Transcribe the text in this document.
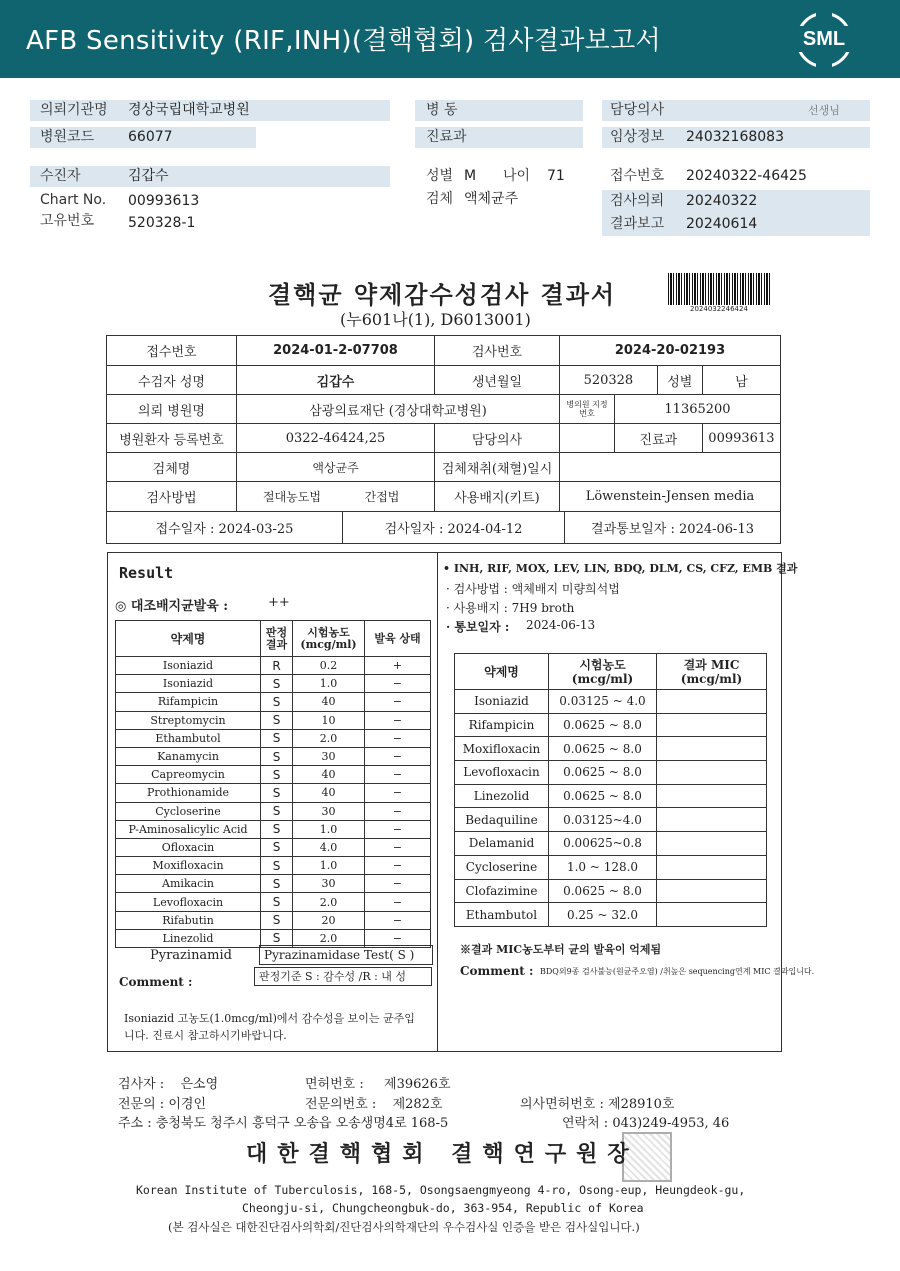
AFB Sensitivity (RIF,INH)(결핵협회) 검사결과보고서	SML
의뢰기관명 경상국립대학교병원
병원코드 66077
병 동
진료과
담당의사	선생님
임상정보 24032168083
수진자	김갑수
Chart No. 00993613
고유번호 520328-1
성별 M 나이 71
검체 액체균주
접수번호 20240322-46425
검사의뢰 20240322
결과보고 20240614
결핵균 약제감수성검사 결과서
(누601나(1), D6013001)
2024032246424
접수번호	2024-01-2-07708	검사번호	2024-20-02193			
수검자 성명	김갑수	생년월일	520328		성별	남
의뢰 병원명	삼광의료재단 (경상대학교병원)		병의원 지정번호	11365200		
병원환자 등록번호	0322-46424,25	담당의사		진료과		00993613
검체명	액상균주	검체채취(채혈)일시				
검사방법	절대농도법 간접법	사용배지(키트)	Löwenstein-Jensen media			
접수일자 : 2024-03-25	검사일자 : 2024-04-12	결과통보일자 : 2024-06-13
Result
◎ 대조배지균발육 :	++
약제명	판정 결과	시험농도 (mcg/ml)	발육 상태
Isoniazid	R	0.2	+
Isoniazid	S	1.0	−
Rifampicin	S	40	−
Streptomycin	S	10	−
Ethambutol	S	2.0	−
Kanamycin	S	30	−
Capreomycin	S	40	−
Prothionamide	S	40	−
Cycloserine	S	30	−
P-Aminosalicylic Acid	S	1.0	−
Ofloxacin	S	4.0	−
Moxifloxacin	S	1.0	−
Amikacin	S	30	−
Levofloxacin	S	2.0	−
Rifabutin	S	20	−
Linezolid	S	2.0	−
Pyrazinamid	Pyrazinamidase Test( S )
판정기준 S : 감수성 /R : 내 성
Comment :
Isoniazid 고농도(1.0mcg/ml)에서 감수성을 보이는 균주입
니다. 진료시 참고하시기바랍니다.
• INH, RIF, MOX, LEV, LIN, BDQ, DLM, CS, CFZ, EMB 결과
· 검사방법 : 액체배지 미량희석법
· 사용배지 : 7H9 broth
· 통보일자 : 2024-06-13
약제명	시험농도 (mcg/ml)	결과 MIC (mcg/ml)
Isoniazid	0.03125 ~ 4.0	
Rifampicin	0.0625 ~ 8.0	
Moxifloxacin	0.0625 ~ 8.0	
Levofloxacin	0.0625 ~ 8.0	
Linezolid	0.0625 ~ 8.0	
Bedaquiline	0.03125~4.0	
Delamanid	0.00625~0.8	
Cycloserine	1.0 ~ 128.0	
Clofazimine	0.0625 ~ 8.0	
Ethambutol	0.25 ~ 32.0	
※결과 MIC농도부터 균의 발육이 억제됨
Comment : BDQ외9종 검사불능(원균주오염) /취높은 sequencing연계 MIC 결과입니다.
검사자 : 은소영	면허번호 : 제39626호
전문의 : 이경인	전문의번호 : 제282호	의사면허번호 : 제28910호
주소 : 충청북도 청주시 흥덕구 오송읍 오송생명4로 168-5	연락처 : 043)249-4953, 46
대한결핵협회 결핵연구원장
Korean Institute of Tuberculosis, 168-5, Osongsaengmyeong 4-ro, Osong-eup, Heungdeok-gu,
Cheongju-si, Chungcheongbuk-do, 363-954, Republic of Korea
(본 검사실은 대한진단검사의학회/진단검사의학재단의 우수검사실 인증을 받은 검사실입니다.)
